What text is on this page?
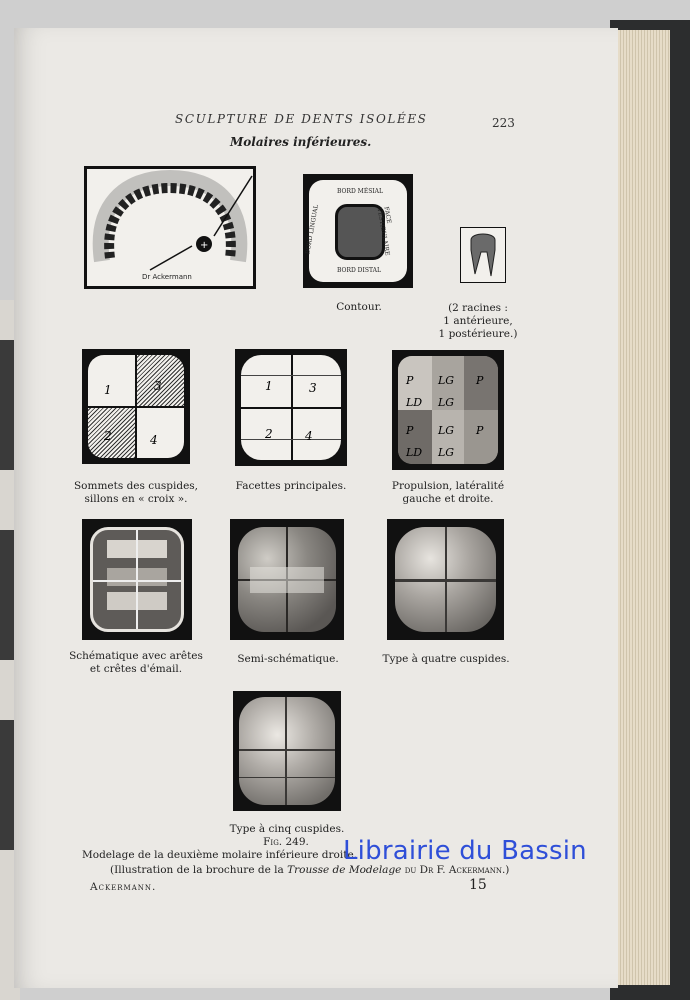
SCULPTURE DE DENTS ISOLÉES	223
Molaires inférieures.
+
Dr Ackermann
BORD MÉSIAL
BORD DISTAL
BORD LINGUAL	FACE VESTIBULAIRE
Contour.	(2 racines :
1 antérieure,
1 postérieure.)
1	3
2	4
Sommets des cuspides,
sillons en « croix ».
1	3
2	4
Facettes principales.
P LG P
LD LG
P LG P
LD LG
Propulsion, latéralité
gauche et droite.
Schématique avec arêtes
et crêtes d'émail.
Semi-schématique.	Type à quatre cuspides.
Type à cinq cuspides.
Fig. 249.
Modelage de la deuxième molaire inférieure droite.
(Illustration de la brochure de la Trousse de Modelage du Dr F. Ackermann.)
Ackermann.	15
Librairie du Bassin
